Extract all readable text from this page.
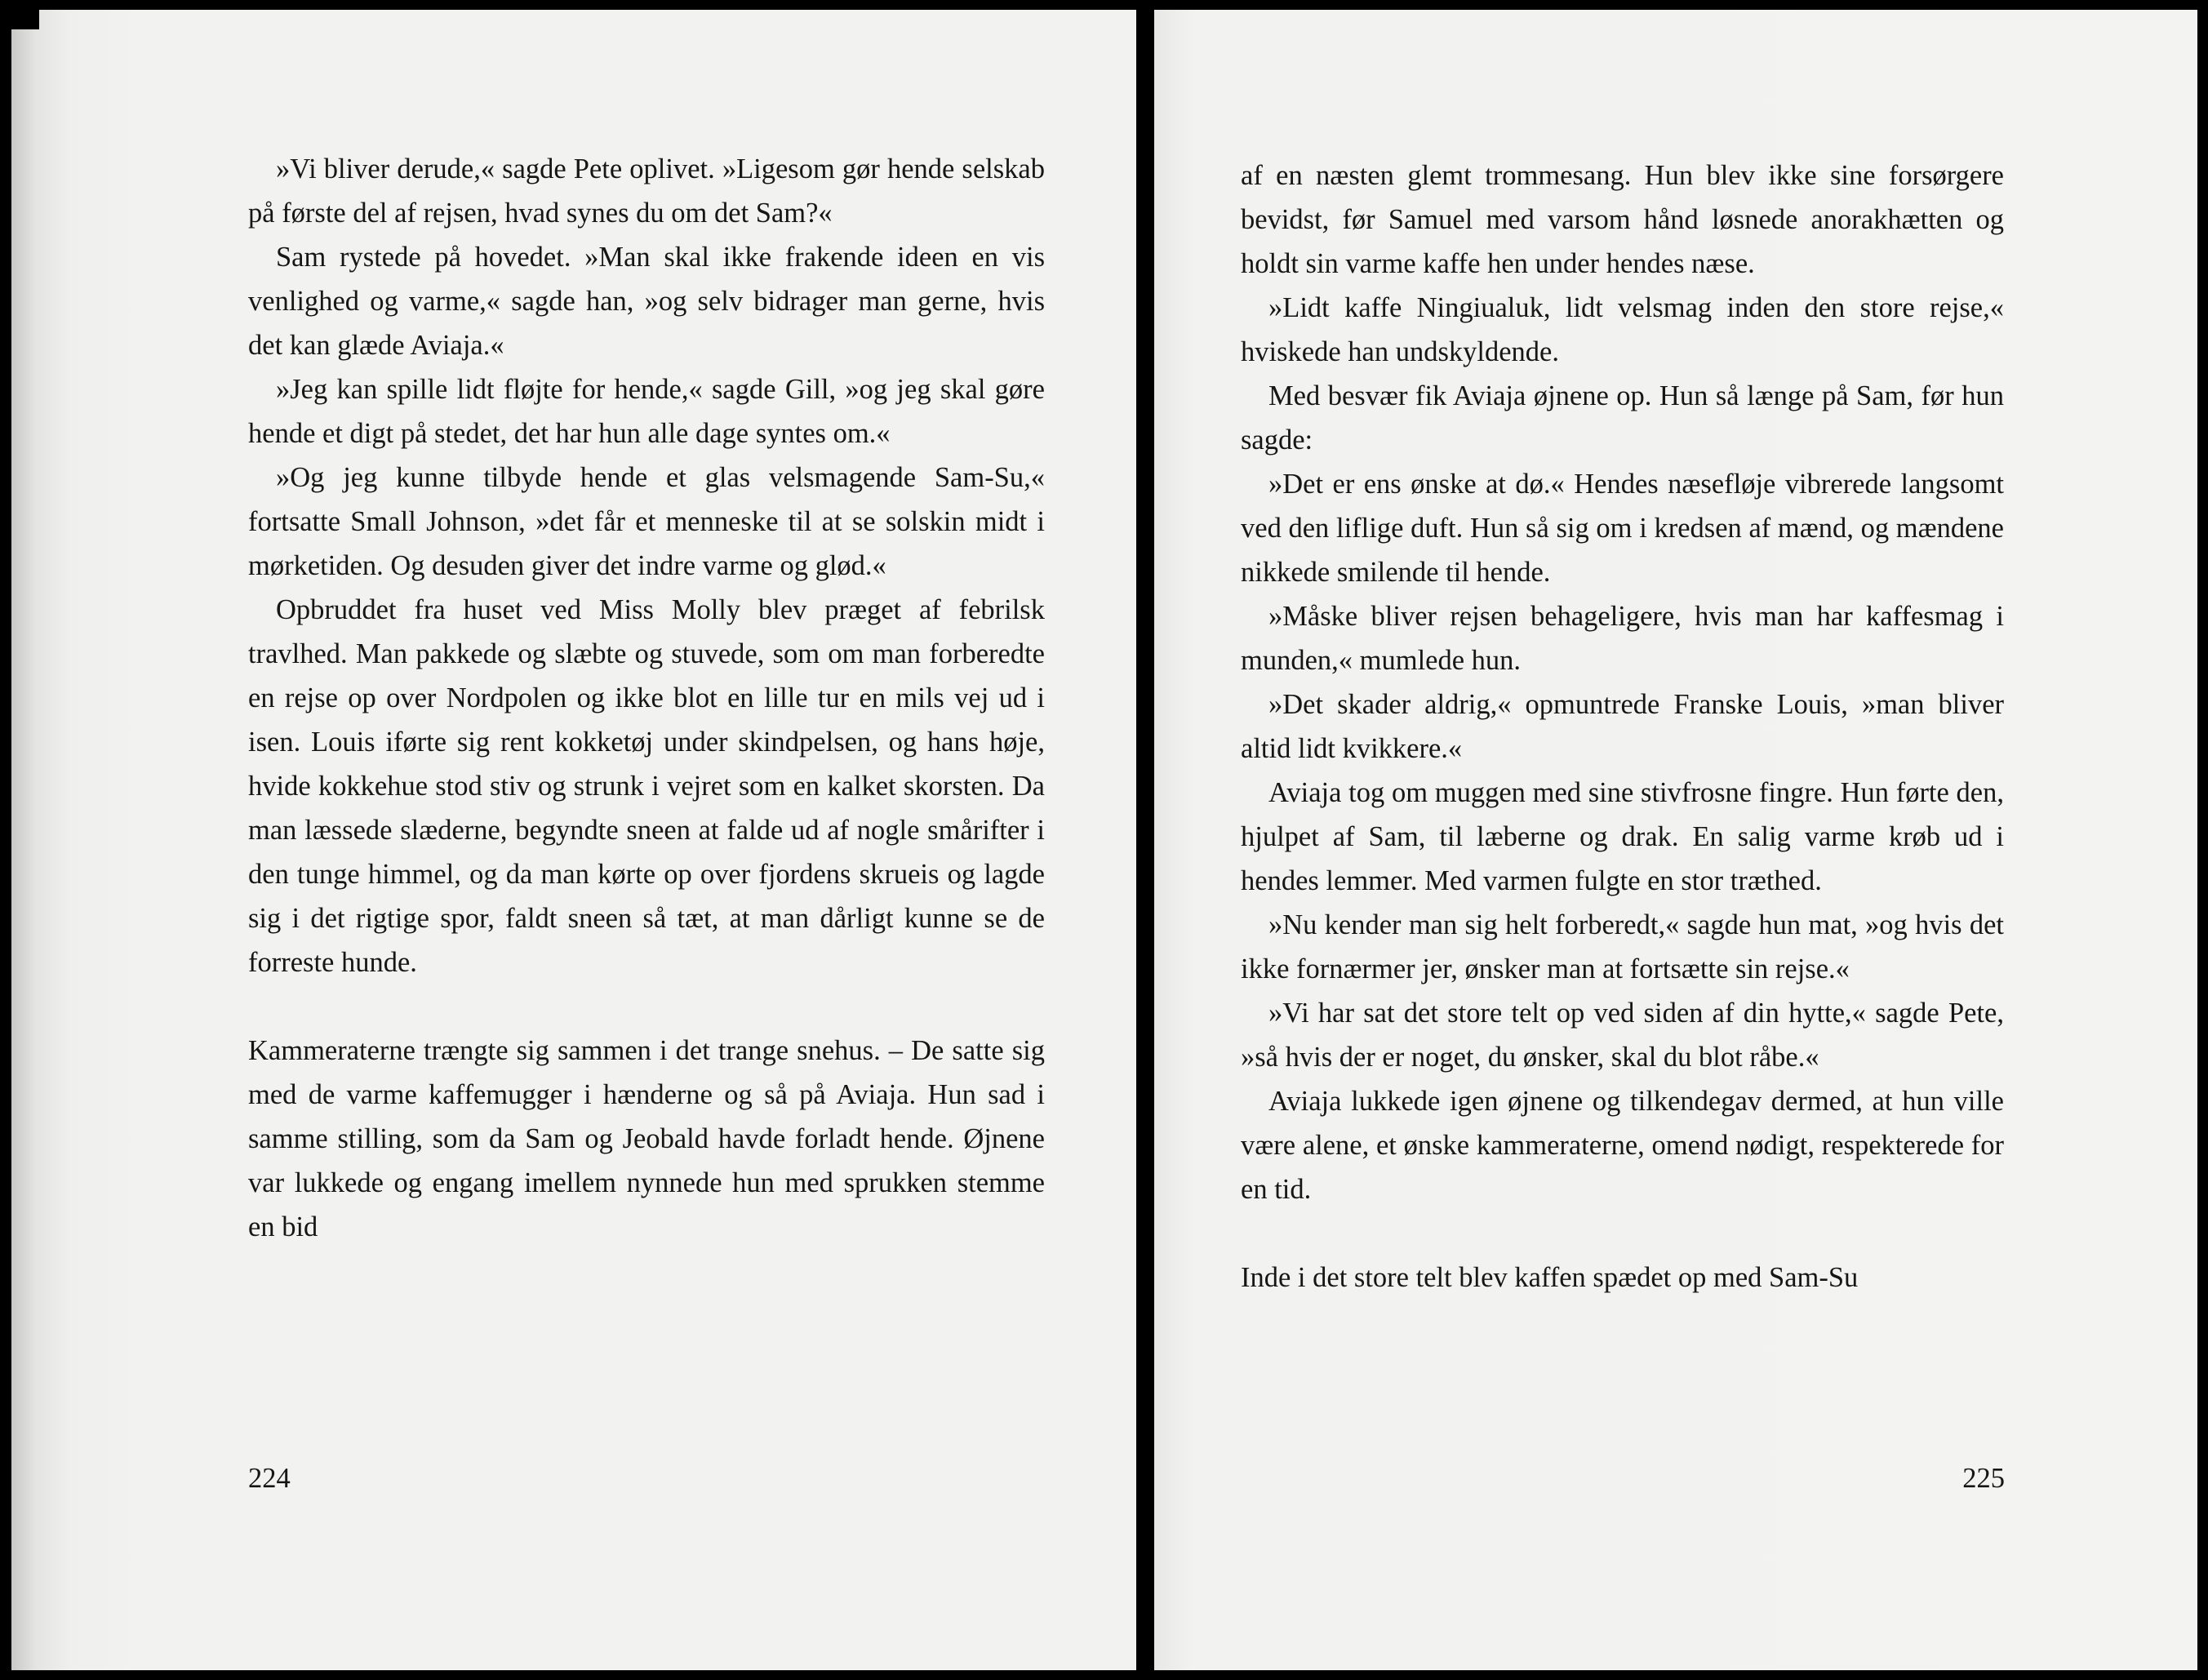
»Vi bliver derude,« sagde Pete oplivet. »Ligesom gør hende selskab på første del af rejsen, hvad synes du om det Sam?«

Sam rystede på hovedet. »Man skal ikke frakende ideen en vis venlighed og varme,« sagde han, »og selv bidrager man gerne, hvis det kan glæde Aviaja.«

»Jeg kan spille lidt fløjte for hende,« sagde Gill, »og jeg skal gøre hende et digt på stedet, det har hun alle dage syntes om.«

»Og jeg kunne tilbyde hende et glas velsmagende Sam-Su,« fortsatte Small Johnson, »det får et menneske til at se solskin midt i mørketiden. Og desuden giver det indre varme og glød.«

Opbruddet fra huset ved Miss Molly blev præget af febrilsk travlhed. Man pakkede og slæbte og stuvede, som om man forberedte en rejse op over Nordpolen og ikke blot en lille tur en mils vej ud i isen. Louis iførte sig rent kokketøj under skindpelsen, og hans høje, hvide kokkehue stod stiv og strunk i vejret som en kalket skorsten. Da man læssede slæderne, begyndte sneen at falde ud af nogle smårifter i den tunge himmel, og da man kørte op over fjordens skrueis og lagde sig i det rigtige spor, faldt sneen så tæt, at man dårligt kunne se de forreste hunde.

Kammeraterne trængte sig sammen i det trange snehus. – De satte sig med de varme kaffemugger i hænderne og så på Aviaja. Hun sad i samme stilling, som da Sam og Jeobald havde forladt hende. Øjnene var lukkede og engang imellem nynnede hun med sprukken stemme en bid

224

af en næsten glemt trommesang. Hun blev ikke sine forsørgere bevidst, før Samuel med varsom hånd løsnede anorakhætten og holdt sin varme kaffe hen under hendes næse.

»Lidt kaffe Ningiualuk, lidt velsmag inden den store rejse,« hviskede han undskyldende.

Med besvær fik Aviaja øjnene op. Hun så længe på Sam, før hun sagde:

»Det er ens ønske at dø.« Hendes næsefløje vibrerede langsomt ved den liflige duft. Hun så sig om i kredsen af mænd, og mændene nikkede smilende til hende.

»Måske bliver rejsen behageligere, hvis man har kaffesmag i munden,« mumlede hun.

»Det skader aldrig,« opmuntrede Franske Louis, »man bliver altid lidt kvikkere.«

Aviaja tog om muggen med sine stivfrosne fingre. Hun førte den, hjulpet af Sam, til læberne og drak. En salig varme krøb ud i hendes lemmer. Med varmen fulgte en stor træthed.

»Nu kender man sig helt forberedt,« sagde hun mat, »og hvis det ikke fornærmer jer, ønsker man at fortsætte sin rejse.«

»Vi har sat det store telt op ved siden af din hytte,« sagde Pete, »så hvis der er noget, du ønsker, skal du blot råbe.«

Aviaja lukkede igen øjnene og tilkendegav dermed, at hun ville være alene, et ønske kammeraterne, omend nødigt, respekterede for en tid.

Inde i det store telt blev kaffen spædet op med Sam-Su

225
